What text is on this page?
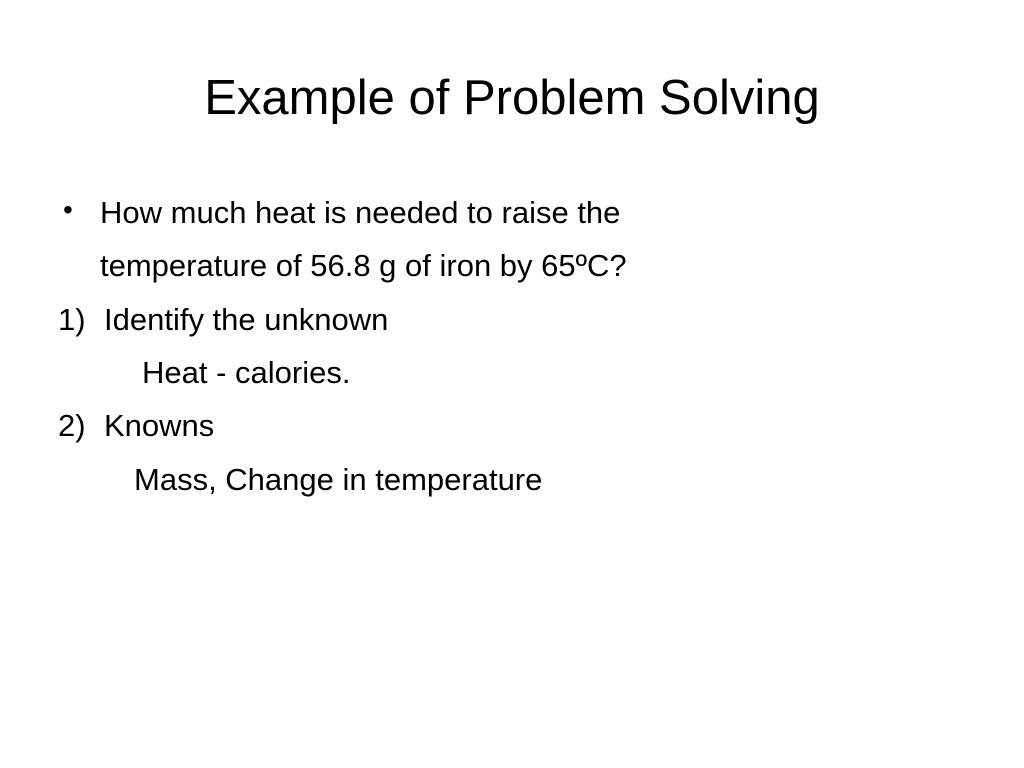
Example of Problem Solving
• How much heat is needed to raise the
temperature of 56.8 g of iron by 65ºC?
1) Identify the unknown
Heat - calories.
2) Knowns
Mass, Change in temperature
